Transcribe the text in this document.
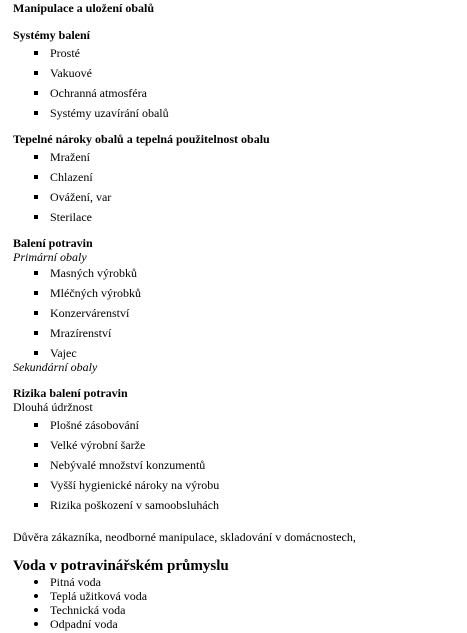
Manipulace a uložení obalů

Systémy balení

Prosté
Vakuové
Ochranná atmosféra
Systémy uzavírání obalů

Tepelné nároky obalů a tepelná použitelnost obalu

Mražení
Chlazení
Ovážení, var
Sterilace

Balení potravin

Primární obaly

Masných výrobků
Mléčných výrobků
Konzervárenství
Mrazírenství
Vajec

Sekundární obaly

Rizika balení potravin

Dlouhá údržnost

Plošné zásobování
Velké výrobní šarže
Nebývalé množství konzumentů
Vyšší hygienické nároky na výrobu
Rizika poškození v samoobsluhách

Důvěra zákazníka, neodborné manipulace, skladování v domácnostech,

Voda v potravinářském průmyslu

Pitná voda
Teplá užitková voda
Technická voda
Odpadní voda
